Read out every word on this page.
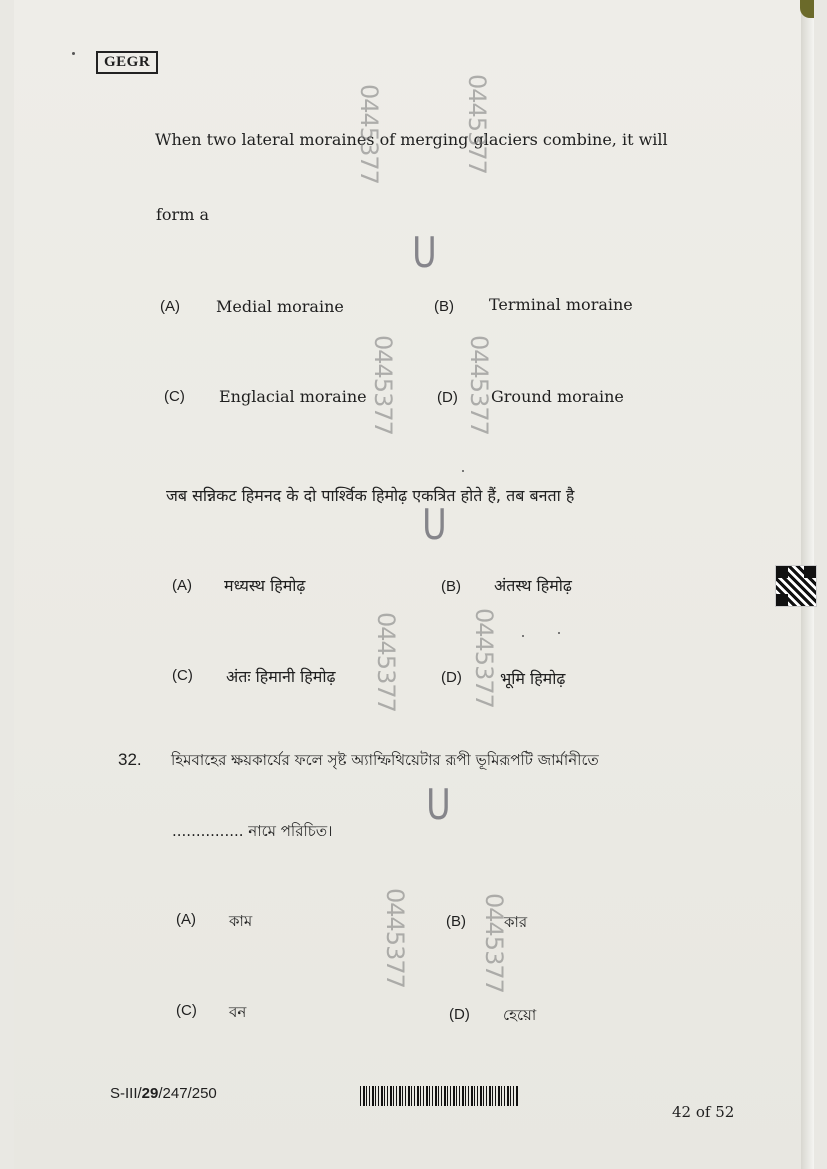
GEGR
When two lateral moraines of merging glaciers combine, it will
form a
(A) Medial moraine	(B) Terminal moraine
(C) Englacial moraine	(D) Ground moraine
जब सन्निकट हिमनद के दो पार्श्विक हिमोढ़ एकत्रित होते हैं, तब बनता है
(A) मध्यस्थ हिमोढ़	(B) अंतस्थ हिमोढ़
(C) अंतः हिमानी हिमोढ़	(D) भूमि हिमोढ़
32. হিমবাহের ক্ষয়কার্যের ফলে সৃষ্ট অ্যাম্ফিথিয়েটার রূপী ভূমিরূপটি জার্মানীতে
............... নামে পরিচিত।
(A) কাম	(B)	কার
(C) বন	(D) হেয়ো
0445377	0445377
0445377	0445377
0445377	0445377
0445377	0445377
U
U
U
S-III/29/247/250
42 of 52
